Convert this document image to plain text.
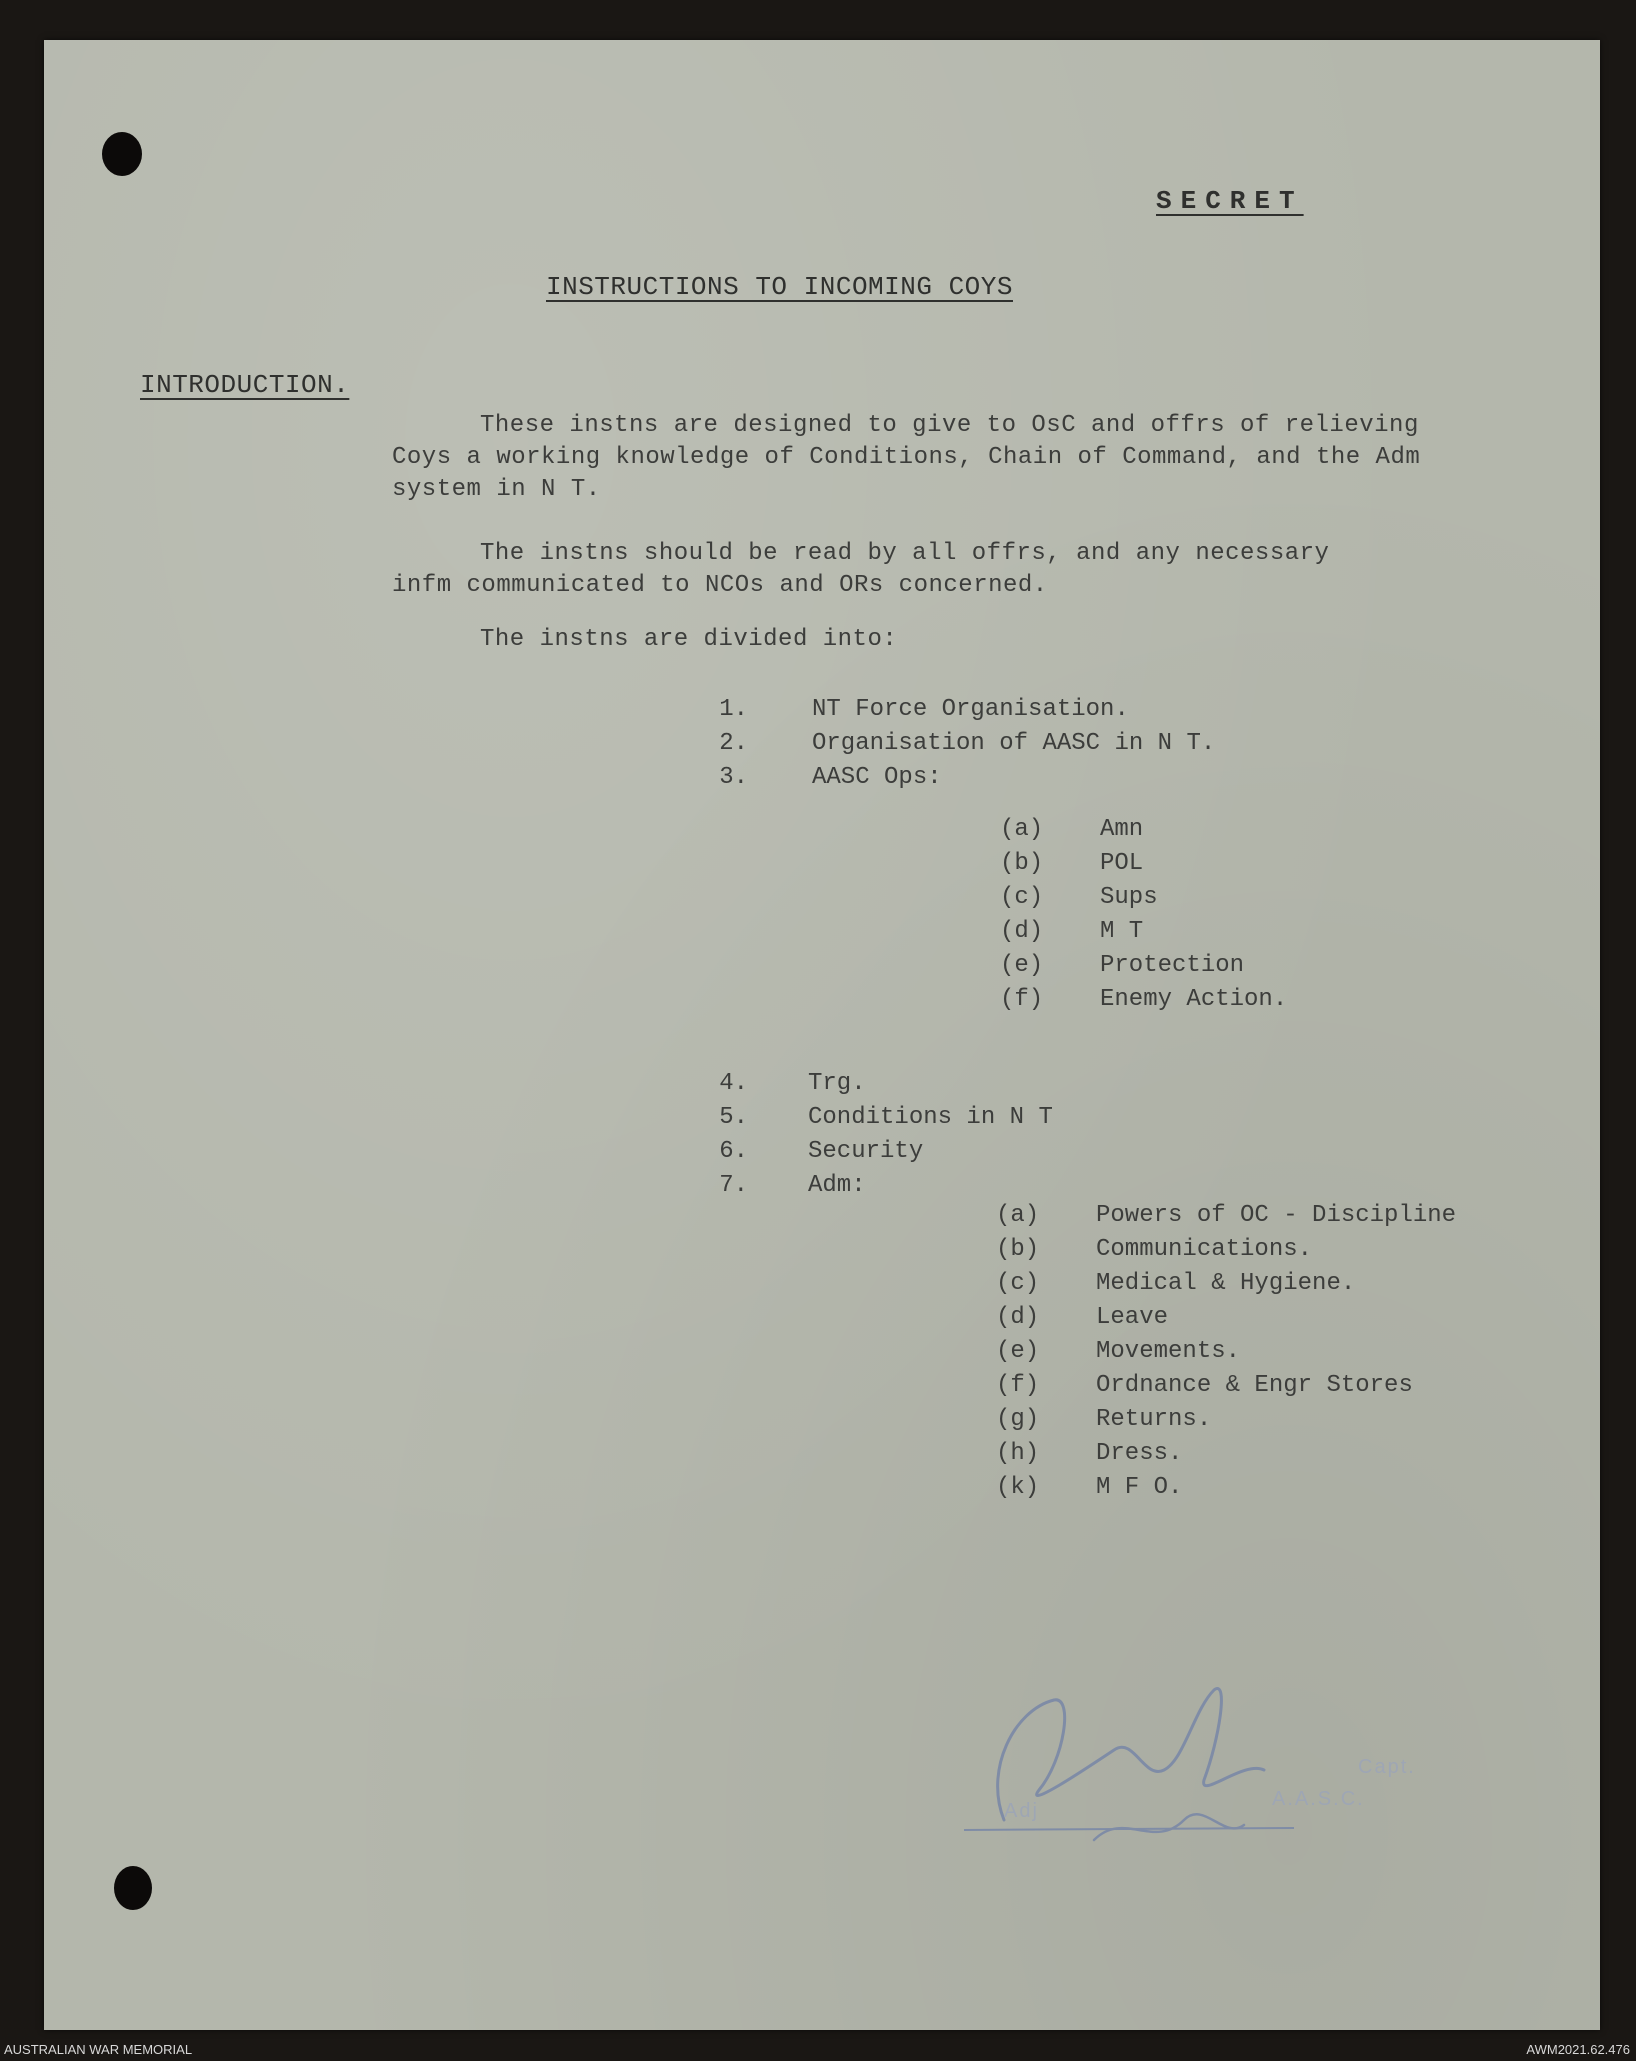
SECRET
INSTRUCTIONS TO INCOMING COYS
INTRODUCTION.
These instns are designed to give to OsC and offrs of relieving
Coys a working knowledge of Conditions, Chain of Command, and the Adm
system in N T.
The instns should be read by all offrs, and any necessary
infm communicated to NCOs and ORs concerned.
The instns are divided into:
1.	NT Force Organisation.
2.	Organisation of AASC in N T.
3.	AASC Ops:
(a) Amn
(b) POL
(c) Sups
(d) M T
(e) Protection
(f) Enemy Action.
4.	Trg.
5.	Conditions in N T
6.	Security
7.	Adm:
(a) Powers of OC - Discipline
(b) Communications.
(c) Medical & Hygiene.
(d) Leave
(e) Movements.
(f) Ordnance & Engr Stores
(g) Returns.
(h) Dress.
(k) M F O.
Capt.
Adj
A.A.S.C.
AUSTRALIAN WAR MEMORIAL	AWM2021.62.476
